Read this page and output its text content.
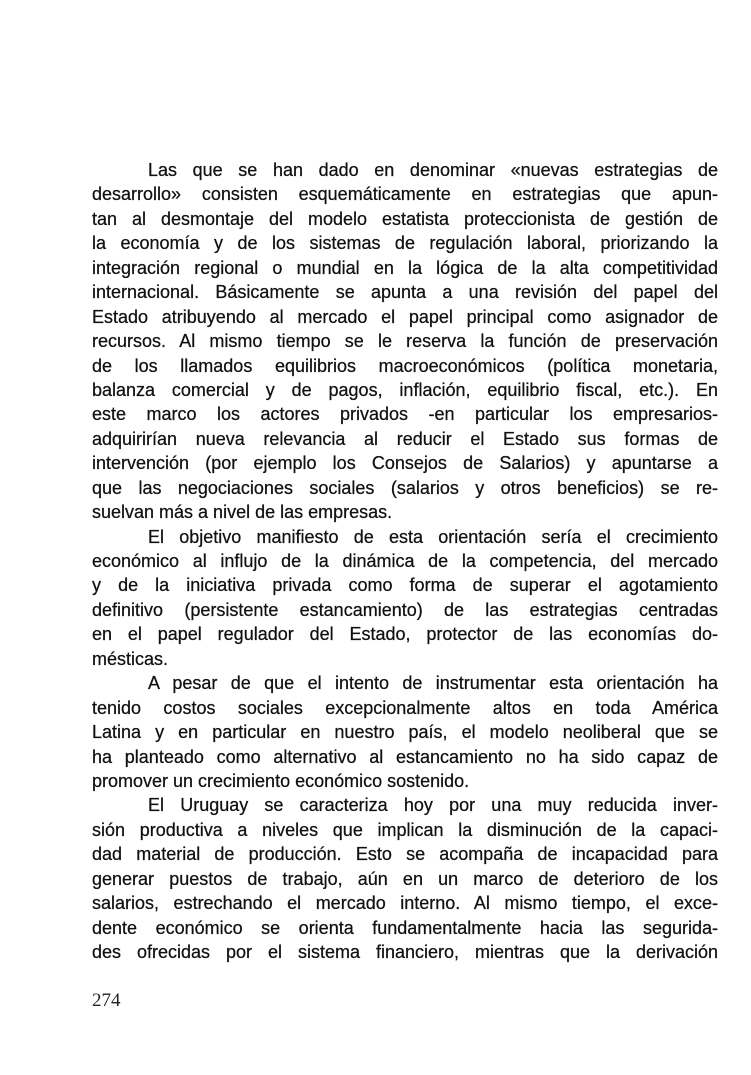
Las que se han dado en denominar «nuevas estrategias de
desarrollo» consisten esquemáticamente en estrategias que apun-
tan al desmontaje del modelo estatista proteccionista de gestión de
la economía y de los sistemas de regulación laboral, priorizando la
integración regional o mundial en la lógica de la alta competitividad
internacional. Básicamente se apunta a una revisión del papel del
Estado atribuyendo al mercado el papel principal como asignador de
recursos. Al mismo tiempo se le reserva la función de preservación
de los llamados equilibrios macroeconómicos (política monetaria,
balanza comercial y de pagos, inflación, equilibrio fiscal, etc.). En
este marco los actores privados -en particular los empresarios-
adquirirían nueva relevancia al reducir el Estado sus formas de
intervención (por ejemplo los Consejos de Salarios) y apuntarse a
que las negociaciones sociales (salarios y otros beneficios) se re-
suelvan más a nivel de las empresas.
El objetivo manifiesto de esta orientación sería el crecimiento
económico al influjo de la dinámica de la competencia, del mercado
y de la iniciativa privada como forma de superar el agotamiento
definitivo (persistente estancamiento) de las estrategias centradas
en el papel regulador del Estado, protector de las economías do-
mésticas.
A pesar de que el intento de instrumentar esta orientación ha
tenido costos sociales excepcionalmente altos en toda América
Latina y en particular en nuestro país, el modelo neoliberal que se
ha planteado como alternativo al estancamiento no ha sido capaz de
promover un crecimiento económico sostenido.
El Uruguay se caracteriza hoy por una muy reducida inver-
sión productiva a niveles que implican la disminución de la capaci-
dad material de producción. Esto se acompaña de incapacidad para
generar puestos de trabajo, aún en un marco de deterioro de los
salarios, estrechando el mercado interno. Al mismo tiempo, el exce-
dente económico se orienta fundamentalmente hacia las segurida-
des ofrecidas por el sistema financiero, mientras que la derivación
274
